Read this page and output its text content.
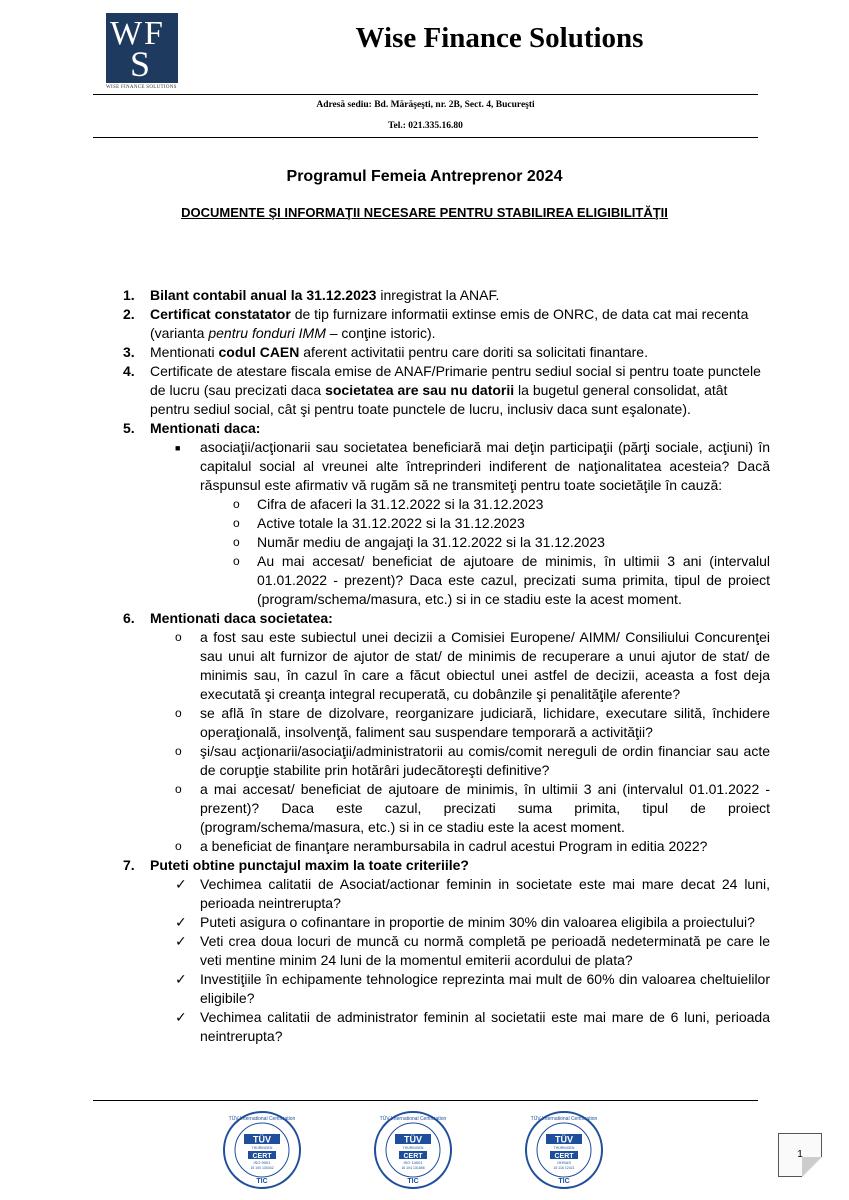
W F
S
WISE FINANCE SOLUTIONS
Wise Finance Solutions
Adresă sediu: Bd. Mărăşeşti, nr. 2B, Sect. 4, Bucureşti
Tel.: 021.335.16.80
Programul Femeia Antreprenor 2024
DOCUMENTE ŞI INFORMAŢII NECESARE PENTRU STABILIREA ELIGIBILITĂŢII
1. Bilant contabil anual la 31.12.2023 inregistrat la ANAF.
2. Certificat constatator de tip furnizare informatii extinse emis de ONRC, de data cat mai recenta (varianta pentru fonduri IMM – conţine istoric).
3. Mentionati codul CAEN aferent activitatii pentru care doriti sa solicitati finantare.
4. Certificate de atestare fiscala emise de ANAF/Primarie pentru sediul social si pentru toate punctele de lucru (sau precizati daca societatea are sau nu datorii la bugetul general consolidat, atât pentru sediul social, cât şi pentru toate punctele de lucru, inclusiv daca sunt eşalonate).
5. Mentionati daca:
■ asociaţii/acţionarii sau societatea beneficiară mai deţin participaţii (părţi sociale, acţiuni) în capitalul social al vreunei alte întreprinderi indiferent de naţionalitatea acesteia? Dacă răspunsul este afirmativ vă rugăm să ne transmiteţi pentru toate societăţile în cauză:
o Cifra de afaceri la 31.12.2022 si la 31.12.2023
o Active totale la 31.12.2022 si la 31.12.2023
o Număr mediu de angajaţi la 31.12.2022 si la 31.12.2023
o Au mai accesat/ beneficiat de ajutoare de minimis, în ultimii 3 ani (intervalul 01.01.2022 - prezent)? Daca este cazul, precizati suma primita, tipul de proiect (program/schema/masura, etc.) si in ce stadiu este la acest moment.
6. Mentionati daca societatea:
o a fost sau este subiectul unei decizii a Comisiei Europene/ AIMM/ Consiliului Concurenţei sau unui alt furnizor de ajutor de stat/ de minimis de recuperare a unui ajutor de stat/ de minimis sau, în cazul în care a făcut obiectul unei astfel de decizii, aceasta a fost deja executată şi creanţa integral recuperată, cu dobânzile şi penalităţile aferente?
o se află în stare de dizolvare, reorganizare judiciară, lichidare, executare silită, închidere operaţională, insolvenţă, faliment sau suspendare temporară a activităţii?
o şi/sau acţionarii/asociaţii/administratorii au comis/comit nereguli de ordin financiar sau acte de corupţie stabilite prin hotărâri judecătoreşti definitive?
o a mai accesat/ beneficiat de ajutoare de minimis, în ultimii 3 ani (intervalul 01.01.2022 - prezent)? Daca este cazul, precizati suma primita, tipul de proiect (program/schema/masura, etc.) si in ce stadiu este la acest moment.
o a beneficiat de finanţare nerambursabila in cadrul acestui Program in editia 2022?
7. Puteti obtine punctajul maxim la toate criteriile?
✓ Vechimea calitatii de Asociat/actionar feminin in societate este mai mare decat 24 luni, perioada neintrerupta?
✓ Puteti asigura o cofinantare in proportie de minim 30% din valoarea eligibila a proiectului?
✓ Veti crea doua locuri de muncă cu normă completă pe perioadă nedeterminată pe care le veti mentine minim 24 luni de la momentul emiterii acordului de plata?
✓ Investiţiile în echipamente tehnologice reprezinta mai mult de 60% din valoarea cheltuielilor eligibile?
✓ Vechimea calitatii de administrator feminin al societatii este mai mare de 6 luni, perioada neintrerupta?
TÜV
THÜRINGEN
CERT
ISO 9001
15 100 130342
TIC
TÜV International Certification
TÜV
THÜRINGEN
CERT
ISO 14001
15 104 131666
TIC
TÜV International Certification
TÜV
THÜRINGEN
CERT
OHSAS
15 116 12421
TIC
TÜV International Certification
1
